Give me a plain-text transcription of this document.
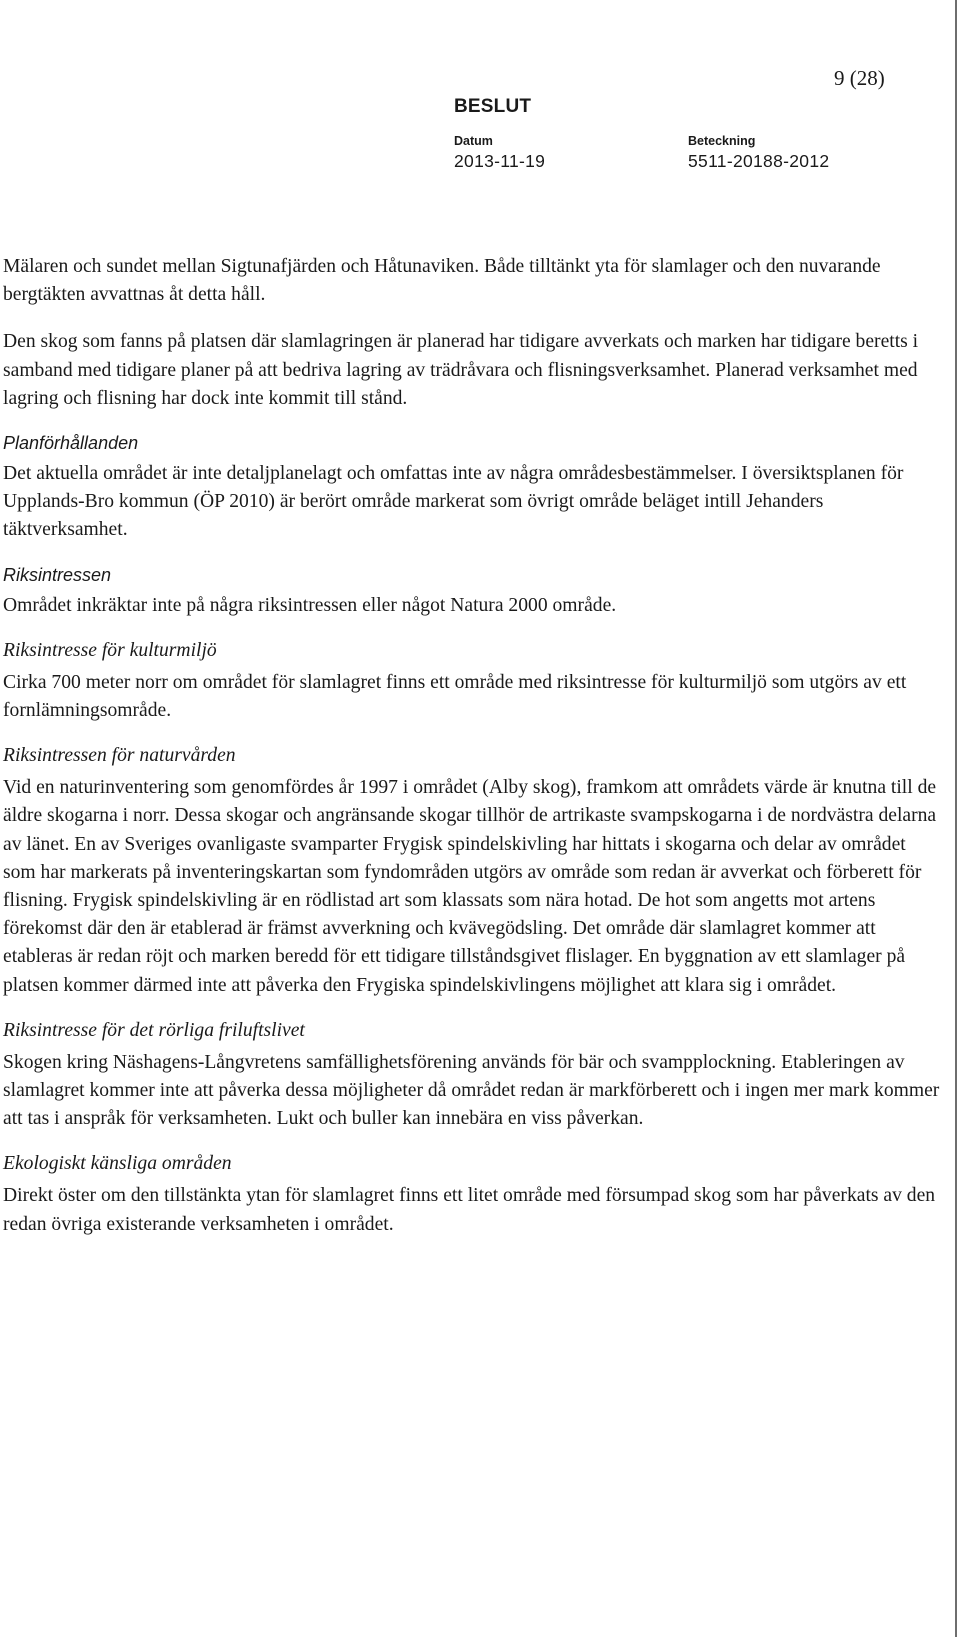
9 (28)
BESLUT
Datum
2013-11-19
Beteckning
5511-20188-2012

Mälaren och sundet mellan Sigtunafjärden och Håtunaviken. Både tilltänkt yta för slamlager och den nuvarande bergtäkten avvattnas åt detta håll.

Den skog som fanns på platsen där slamlagringen är planerad har tidigare avverkats och marken har tidigare beretts i samband med tidigare planer på att bedriva lagring av trädråvara och flisningsverksamhet. Planerad verksamhet med lagring och flisning har dock inte kommit till stånd.

Planförhållanden

Det aktuella området är inte detaljplanelagt och omfattas inte av några områdesbestämmelser. I översiktsplanen för Upplands-Bro kommun (ÖP 2010) är berört område markerat som övrigt område beläget intill Jehanders täktverksamhet.

Riksintressen

Området inkräktar inte på några riksintressen eller något Natura 2000 område.

Riksintresse för kulturmiljö

Cirka 700 meter norr om området för slamlagret finns ett område med riksintresse för kulturmiljö som utgörs av ett fornlämningsområde.

Riksintressen för naturvården

Vid en naturinventering som genomfördes år 1997 i området (Alby skog), framkom att områdets värde är knutna till de äldre skogarna i norr. Dessa skogar och angränsande skogar tillhör de artrikaste svampskogarna i de nordvästra delarna av länet. En av Sveriges ovanligaste svamparter Frygisk spindelskivling har hittats i skogarna och delar av området som har markerats på inventeringskartan som fyndområden utgörs av område som redan är avverkat och förberett för flisning. Frygisk spindelskivling är en rödlistad art som klassats som nära hotad. De hot som angetts mot artens förekomst där den är etablerad är främst avverkning och kvävegödsling. Det område där slamlagret kommer att etableras är redan röjt och marken beredd för ett tidigare tillståndsgivet flislager. En byggnation av ett slamlager på platsen kommer därmed inte att påverka den Frygiska spindelskivlingens möjlighet att klara sig i området.

Riksintresse för det rörliga friluftslivet

Skogen kring Näshagens-Långvretens samfällighetsförening används för bär och svampplockning. Etableringen av slamlagret kommer inte att påverka dessa möjligheter då området redan är markförberett och i ingen mer mark kommer att tas i anspråk för verksamheten. Lukt och buller kan innebära en viss påverkan.

Ekologiskt känsliga områden

Direkt öster om den tillstänkta ytan för slamlagret finns ett litet område med försumpad skog som har påverkats av den redan övriga existerande verksamheten i området.
